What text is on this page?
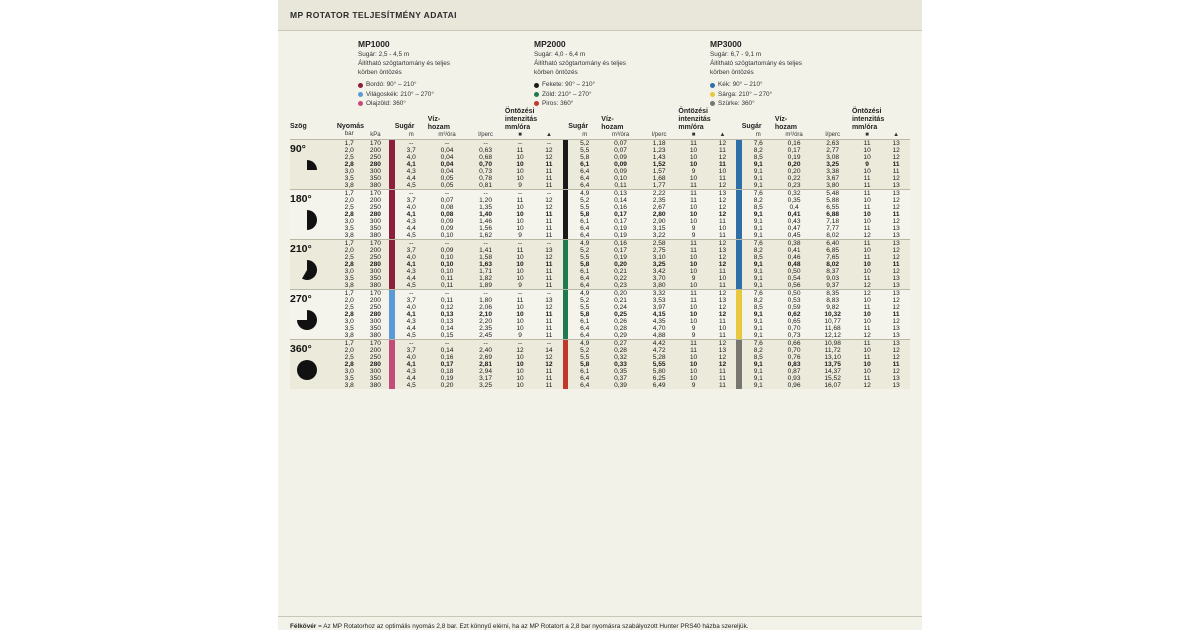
MP ROTATOR TELJESÍTMÉNY ADATAI
MP1000
Sugár: 2,5 - 4,5 m
Állítható szögtartomány és teljes
körben öntözés
Bordó: 90° – 210°
Világoskék: 210° – 270°
Olajzöld: 360°
MP2000
Sugár: 4,0 - 6,4 m
Állítható szögtartomány és teljes
körben öntözés
Fekete: 90° – 210°
Zöld: 210° – 270°
Piros: 360°
MP3000
Sugár: 6,7 - 9,1 m
Állítható szögtartomány és teljes
körben öntözés
Kék: 90° – 210°
Sárga: 210° – 270°
Szürke: 360°
Szög	Nyomás			Sugár	Víz-
hozam		Öntözési
intenzitás
mm/óra			Sugár	Víz-
hozam		Öntözési
intenzitás
mm/óra			Sugár	Víz-
hozam		Öntözési
intenzitás
mm/óra	
	bar	kPa		m	m³/óra	l/perc	■	▲		m	m³/óra	l/perc	■	▲		m	m³/óra	l/perc	■	▲

90°	1,7	170		--	--	--	--	--		5,2	0,07	1,18	11	12		7,6	0,16	2,63	11	13
	2,0	200		3,7	0,04	0,63	11	12		5,5	0,07	1,23	10	11		8,2	0,17	2,77	10	12
	2,5	250		4,0	0,04	0,68	10	12		5,8	0,09	1,43	10	12		8,5	0,19	3,08	10	12
	2,8	280		4,1	0,04	0,70	10	11		6,1	0,09	1,52	10	11		9,1	0,20	3,25	9	11
	3,0	300		4,3	0,04	0,73	10	11		6,4	0,09	1,57	9	10		9,1	0,20	3,38	10	11
	3,5	350		4,4	0,05	0,78	10	11		6,4	0,10	1,68	10	11		9,1	0,22	3,67	11	12
	3,8	380		4,5	0,05	0,81	9	11		6,4	0,11	1,77	11	12		9,1	0,23	3,80	11	13

180°	1,7	170		--	--	--	--	--		4,9	0,13	2,22	11	13		7,6	0,32	5,48	11	13
	2,0	200		3,7	0,07	1,20	11	12		5,2	0,14	2,35	11	12		8,2	0,35	5,88	10	12
	2,5	250		4,0	0,08	1,35	10	12		5,5	0,16	2,67	10	12		8,5	0,4	6,55	11	12
	2,8	280		4,1	0,08	1,40	10	11		5,8	0,17	2,80	10	12		9,1	0,41	6,88	10	11
	3,0	300		4,3	0,09	1,46	10	11		6,1	0,17	2,90	10	11		9,1	0,43	7,18	10	12
	3,5	350		4,4	0,09	1,56	10	11		6,4	0,19	3,15	9	10		9,1	0,47	7,77	11	13
	3,8	380		4,5	0,10	1,62	9	11		6,4	0,19	3,22	9	11		9,1	0,45	8,02	12	13

210°	1,7	170		--	--	--	--	--		4,9	0,16	2,58	11	12		7,6	0,38	6,40	11	13
	2,0	200		3,7	0,09	1,41	11	13		5,2	0,17	2,75	11	13		8,2	0,41	6,85	10	12
	2,5	250		4,0	0,10	1,58	10	12		5,5	0,19	3,10	10	12		8,5	0,46	7,65	11	12
	2,8	280		4,1	0,10	1,63	10	11		5,8	0,20	3,25	10	12		9,1	0,48	8,02	10	11
	3,0	300		4,3	0,10	1,71	10	11		6,1	0,21	3,42	10	11		9,1	0,50	8,37	10	12
	3,5	350		4,4	0,11	1,82	10	11		6,4	0,22	3,70	9	10		9,1	0,54	9,03	11	13
	3,8	380		4,5	0,11	1,89	9	11		6,4	0,23	3,80	10	11		9,1	0,56	9,37	12	13

270°	1,7	170		--	--	--	--	--		4,9	0,20	3,32	11	12		7,6	0,50	8,35	12	13
	2,0	200		3,7	0,11	1,80	11	13		5,2	0,21	3,53	11	13		8,2	0,53	8,83	10	12
	2,5	250		4,0	0,12	2,06	10	12		5,5	0,24	3,97	10	12		8,5	0,59	9,82	11	12
	2,8	280		4,1	0,13	2,10	10	11		5,8	0,25	4,15	10	12		9,1	0,62	10,32	10	11
	3,0	300		4,3	0,13	2,20	10	11		6,1	0,26	4,35	10	11		9,1	0,65	10,77	10	12
	3,5	350		4,4	0,14	2,35	10	11		6,4	0,28	4,70	9	10		9,1	0,70	11,68	11	13
	3,8	380		4,5	0,15	2,45	9	11		6,4	0,29	4,88	9	11		9,1	0,73	12,12	12	13

360°	1,7	170		--	--	--	--	--		4,9	0,27	4,42	11	12		7,6	0,66	10,98	11	13
	2,0	200		3,7	0,14	2,40	12	14		5,2	0,28	4,72	11	13		8,2	0,70	11,72	10	12
	2,5	250		4,0	0,16	2,69	10	12		5,5	0,32	5,28	10	12		8,5	0,76	13,10	11	12
	2,8	280		4,1	0,17	2,81	10	12		5,8	0,33	5,55	10	12		9,1	0,83	13,75	10	11
	3,0	300		4,3	0,18	2,94	10	11		6,1	0,35	5,80	10	11		9,1	0,87	14,37	10	12
	3,5	350		4,4	0,19	3,17	10	11		6,4	0,37	6,25	10	11		9,1	0,93	15,52	11	13
	3,8	380		4,5	0,20	3,25	10	11		6,4	0,39	6,49	9	11		9,1	0,96	16,07	12	13
Félkövér = Az MP Rotatorhoz az optimális nyomás 2,8 bar. Ezt könnyű elérni, ha az MP Rotatort a 2,8 bar nyomásra szabályozott Hunter PRS40 házba szereljük.
